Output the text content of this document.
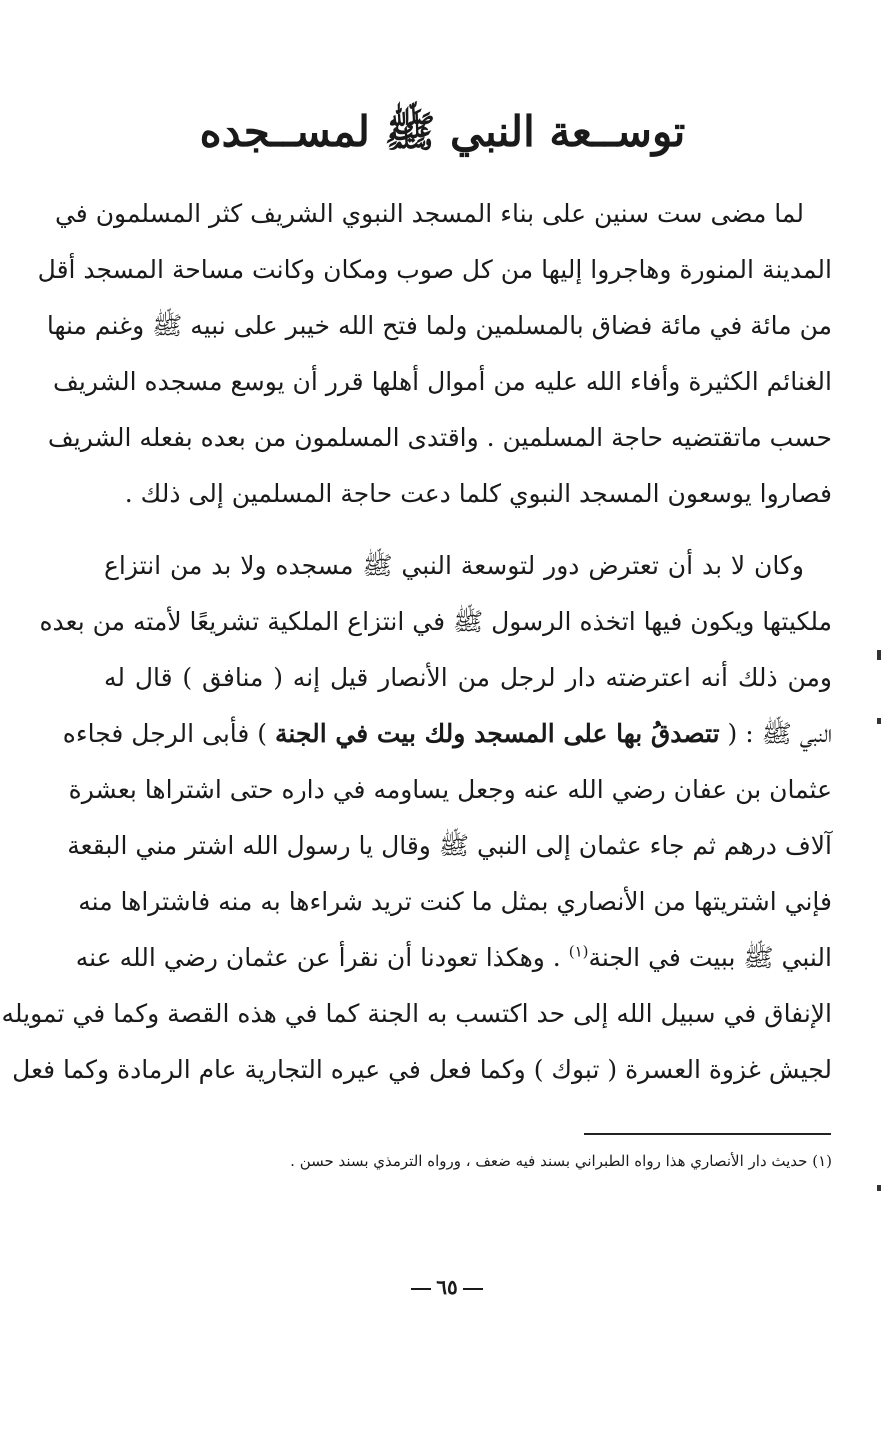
توســعة النبي ﷺ لمســجده
لما مضى ست سنين على بناء المسجد النبوي الشريف كثر المسلمون في
المدينة المنورة وهاجروا إليها من كل صوب ومكان وكانت مساحة المسجد أقل
من مائة في مائة فضاق بالمسلمين ولما فتح الله خيبر على نبيه ﷺ وغنم منها
الغنائم الكثيرة وأفاء الله عليه من أموال أهلها قرر أن يوسع مسجده الشريف
حسب ماتقتضيه حاجة المسلمين . واقتدى المسلمون من بعده بفعله الشريف
فصاروا يوسعون المسجد النبوي كلما دعت حاجة المسلمين إلى ذلك .
وكان لا بد أن تعترض دور لتوسعة النبي ﷺ مسجده ولا بد من انتزاع
ملكيتها ويكون فيها اتخذه الرسول ﷺ في انتزاع الملكية تشريعًا لأمته من بعده
ومن ذلك أنه اعترضته دار لرجل من الأنصار قيل إنه ( منافق ) قال له
النبي ﷺ : ( تتصدقُ بها على المسجد ولك بيت في الجنة ) فأبى الرجل فجاءه
عثمان بن عفان رضي الله عنه وجعل يساومه في داره حتى اشتراها بعشرة
آلاف درهم ثم جاء عثمان إلى النبي ﷺ وقال يا رسول الله اشتر مني البقعة
فإني اشتريتها من الأنصاري بمثل ما كنت تريد شراءها به منه فاشتراها منه
النبي ﷺ ببيت في الجنة$^{(١)}$ . وهكذا تعودنا أن نقرأ عن عثمان رضي الله عنه
الإنفاق في سبيل الله إلى حد اكتسب به الجنة كما في هذه القصة وكما في تمويله
لجيش غزوة العسرة ( تبوك ) وكما فعل في عيره التجارية عام الرمادة وكما فعل
(١) حديث دار الأنصاري هذا رواه الطبراني بسند فيه ضعف ، ورواه الترمذي بسند حسن .
٦٥
